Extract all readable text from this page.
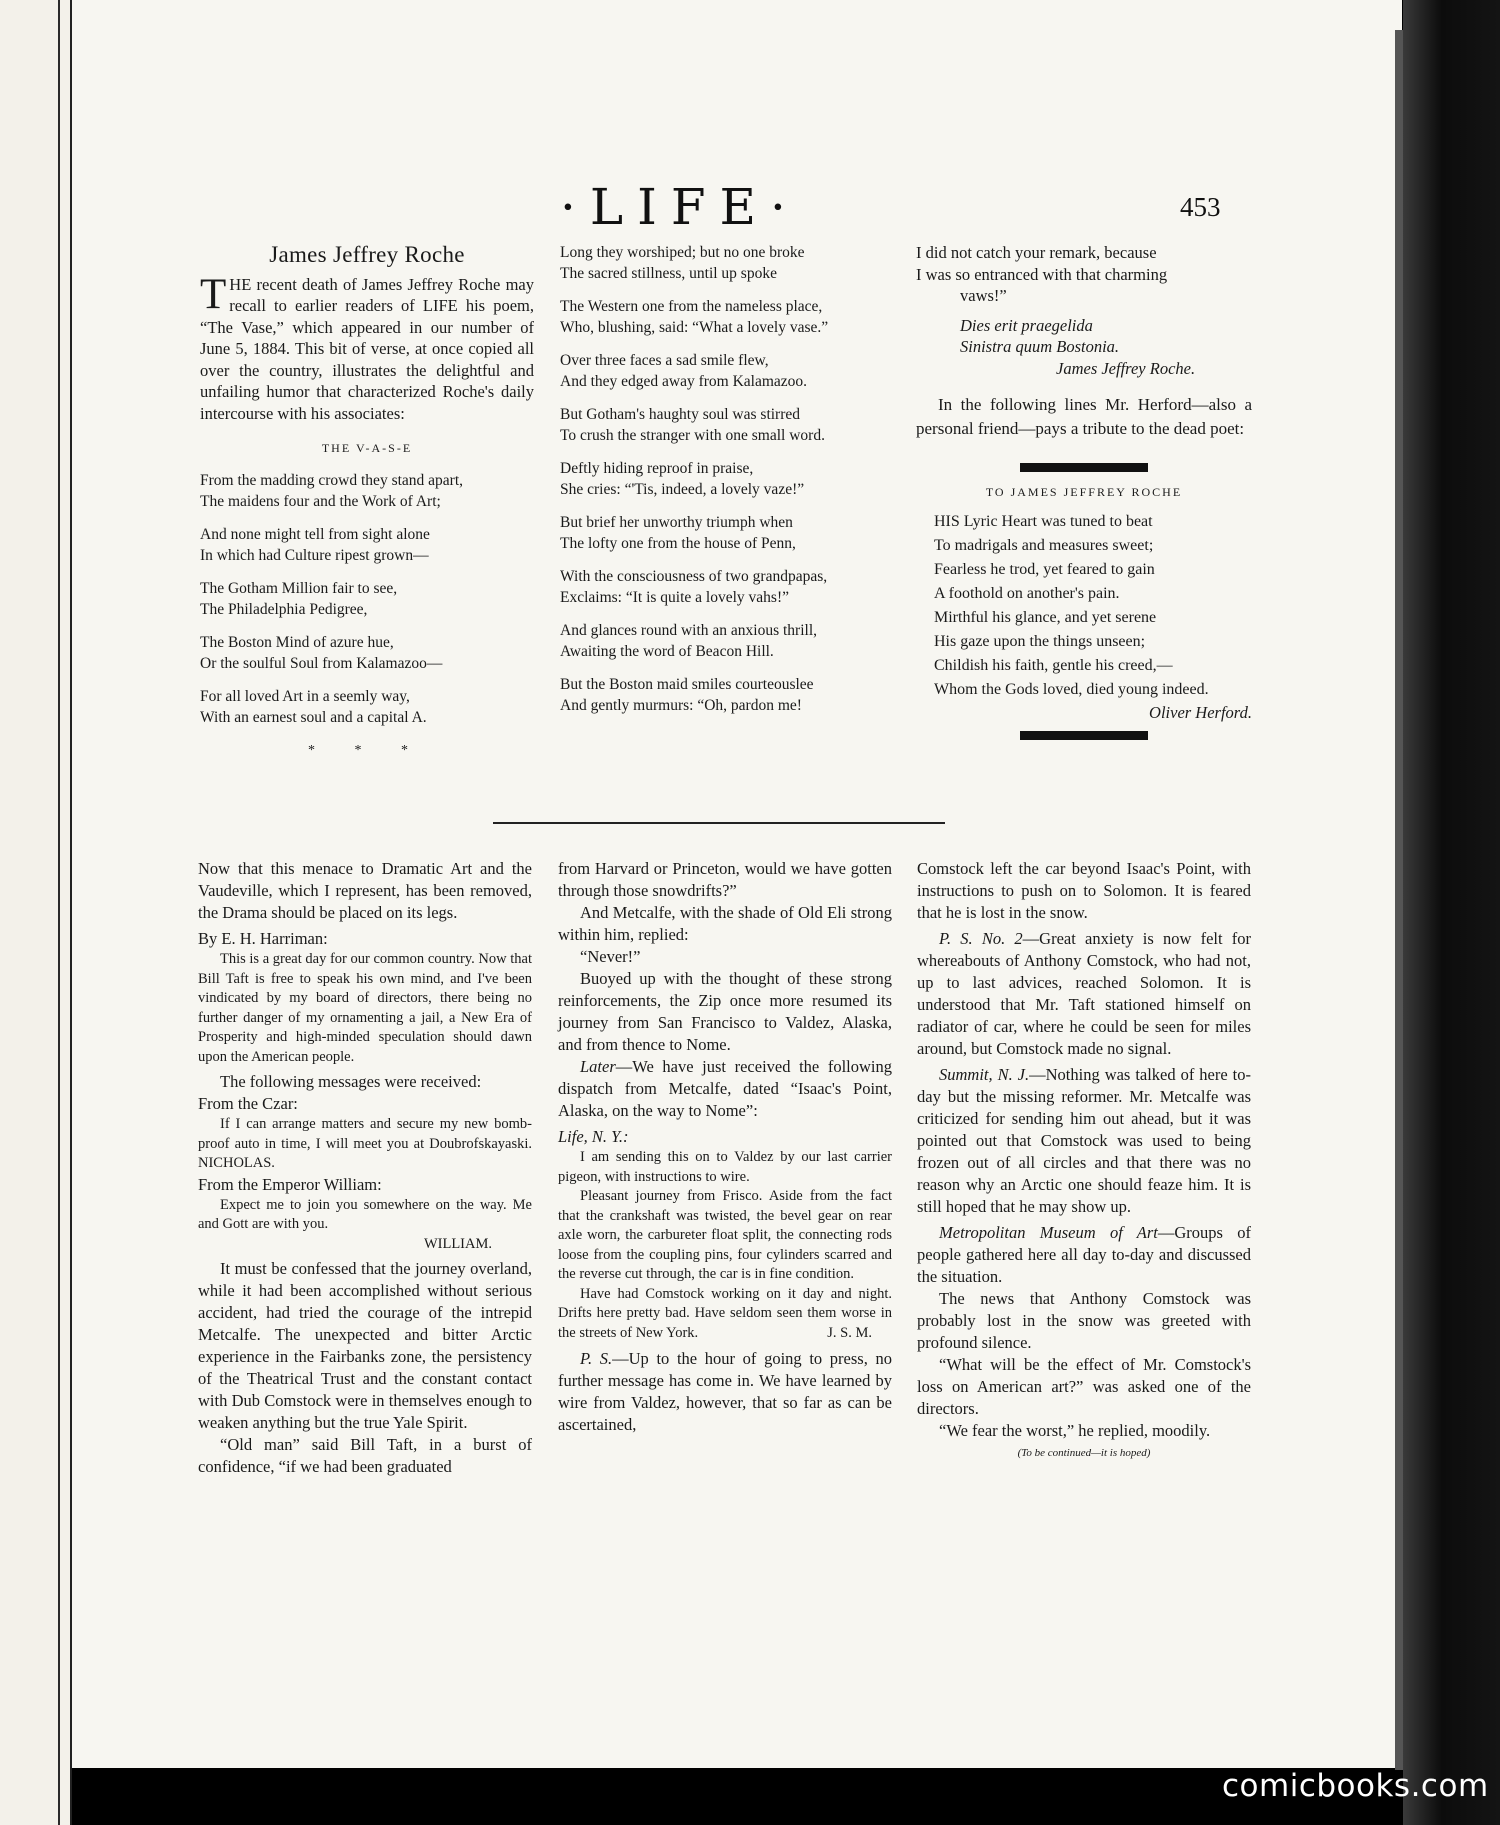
·LIFE·	453
James Jeffrey Roche

THE recent death of James Jeffrey Roche may recall to earlier readers of LIFE his poem, “The Vase,” which appeared in our number of June 5, 1884. This bit of verse, at once copied all over the country, illustrates the delightful and unfailing humor that characterized Roche's daily intercourse with his associates:

THE V-A-S-E
From the madding crowd they stand apart,
The maidens four and the Work of Art;
And none might tell from sight alone
In which had Culture ripest grown—
The Gotham Million fair to see,
The Philadelphia Pedigree,
The Boston Mind of azure hue,
Or the soulful Soul from Kalamazoo—
For all loved Art in a seemly way,
With an earnest soul and a capital A.
* * *
Long they worshiped; but no one broke
The sacred stillness, until up spoke
The Western one from the nameless place,
Who, blushing, said: “What a lovely vase.”
Over three faces a sad smile flew,
And they edged away from Kalamazoo.
But Gotham's haughty soul was stirred
To crush the stranger with one small word.
Deftly hiding reproof in praise,
She cries: “'Tis, indeed, a lovely vaze!”
But brief her unworthy triumph when
The lofty one from the house of Penn,
With the consciousness of two grandpapas,
Exclaims: “It is quite a lovely vahs!”
And glances round with an anxious thrill,
Awaiting the word of Beacon Hill.
But the Boston maid smiles courteouslee
And gently murmurs: “Oh, pardon me!

I did not catch your remark, because

I was so entranced with that charming

vaws!”

Dies erit praegelida

Sinistra quum Bostonia.

James Jeffrey Roche.

In the following lines Mr. Herford—also a personal friend—pays a tribute to the dead poet:

TO JAMES JEFFREY ROCHE
HIS Lyric Heart was tuned to beat
To madrigals and measures sweet;
Fearless he trod, yet feared to gain
A foothold on another's pain.
Mirthful his glance, and yet serene
His gaze upon the things unseen;
Childish his faith, gentle his creed,—
Whom the Gods loved, died young indeed.

Oliver Herford.

Now that this menace to Dramatic Art and the Vaudeville, which I represent, has been removed, the Drama should be placed on its legs.

By E. H. Harriman:

This is a great day for our common country. Now that Bill Taft is free to speak his own mind, and I've been vindicated by my board of directors, there being no further danger of my ornamenting a jail, a New Era of Prosperity and high-minded speculation should dawn upon the American people.

The following messages were received:

From the Czar:

If I can arrange matters and secure my new bomb-proof auto in time, I will meet you at Doubrofskayaski. NICHOLAS.

From the Emperor William:

Expect me to join you somewhere on the way. Me and Gott are with you.

WILLIAM.

It must be confessed that the journey overland, while it had been accomplished without serious accident, had tried the courage of the intrepid Metcalfe. The unexpected and bitter Arctic experience in the Fairbanks zone, the persistency of the Theatrical Trust and the constant contact with Dub Comstock were in themselves enough to weaken anything but the true Yale Spirit.

“Old man” said Bill Taft, in a burst of confidence, “if we had been graduated

from Harvard or Princeton, would we have gotten through those snowdrifts?”

And Metcalfe, with the shade of Old Eli strong within him, replied:

“Never!”

Buoyed up with the thought of these strong reinforcements, the Zip once more resumed its journey from San Francisco to Valdez, Alaska, and from thence to Nome.

Later—We have just received the following dispatch from Metcalfe, dated “Isaac's Point, Alaska, on the way to Nome”:

Life, N. Y.:

I am sending this on to Valdez by our last carrier pigeon, with instructions to wire.

Pleasant journey from Frisco. Aside from the fact that the crankshaft was twisted, the bevel gear on rear axle worn, the carbureter float split, the connecting rods loose from the coupling pins, four cylinders scarred and the reverse cut through, the car is in fine condition.

Have had Comstock working on it day and night. Drifts here pretty bad. Have seldom seen them worse in the streets of New York.	J. S. M.

P. S.—Up to the hour of going to press, no further message has come in. We have learned by wire from Valdez, however, that so far as can be ascertained,

Comstock left the car beyond Isaac's Point, with instructions to push on to Solomon. It is feared that he is lost in the snow.

P. S. No. 2—Great anxiety is now felt for whereabouts of Anthony Comstock, who had not, up to last advices, reached Solomon. It is understood that Mr. Taft stationed himself on radiator of car, where he could be seen for miles around, but Comstock made no signal.

Summit, N. J.—Nothing was talked of here to-day but the missing reformer. Mr. Metcalfe was criticized for sending him out ahead, but it was pointed out that Comstock was used to being frozen out of all circles and that there was no reason why an Arctic one should feaze him. It is still hoped that he may show up.

Metropolitan Museum of Art—Groups of people gathered here all day to-day and discussed the situation.

The news that Anthony Comstock was probably lost in the snow was greeted with profound silence.

“What will be the effect of Mr. Comstock's loss on American art?” was asked one of the directors.

“We fear the worst,” he replied, moodily.

(To be continued—it is hoped)

comicbooks.com
